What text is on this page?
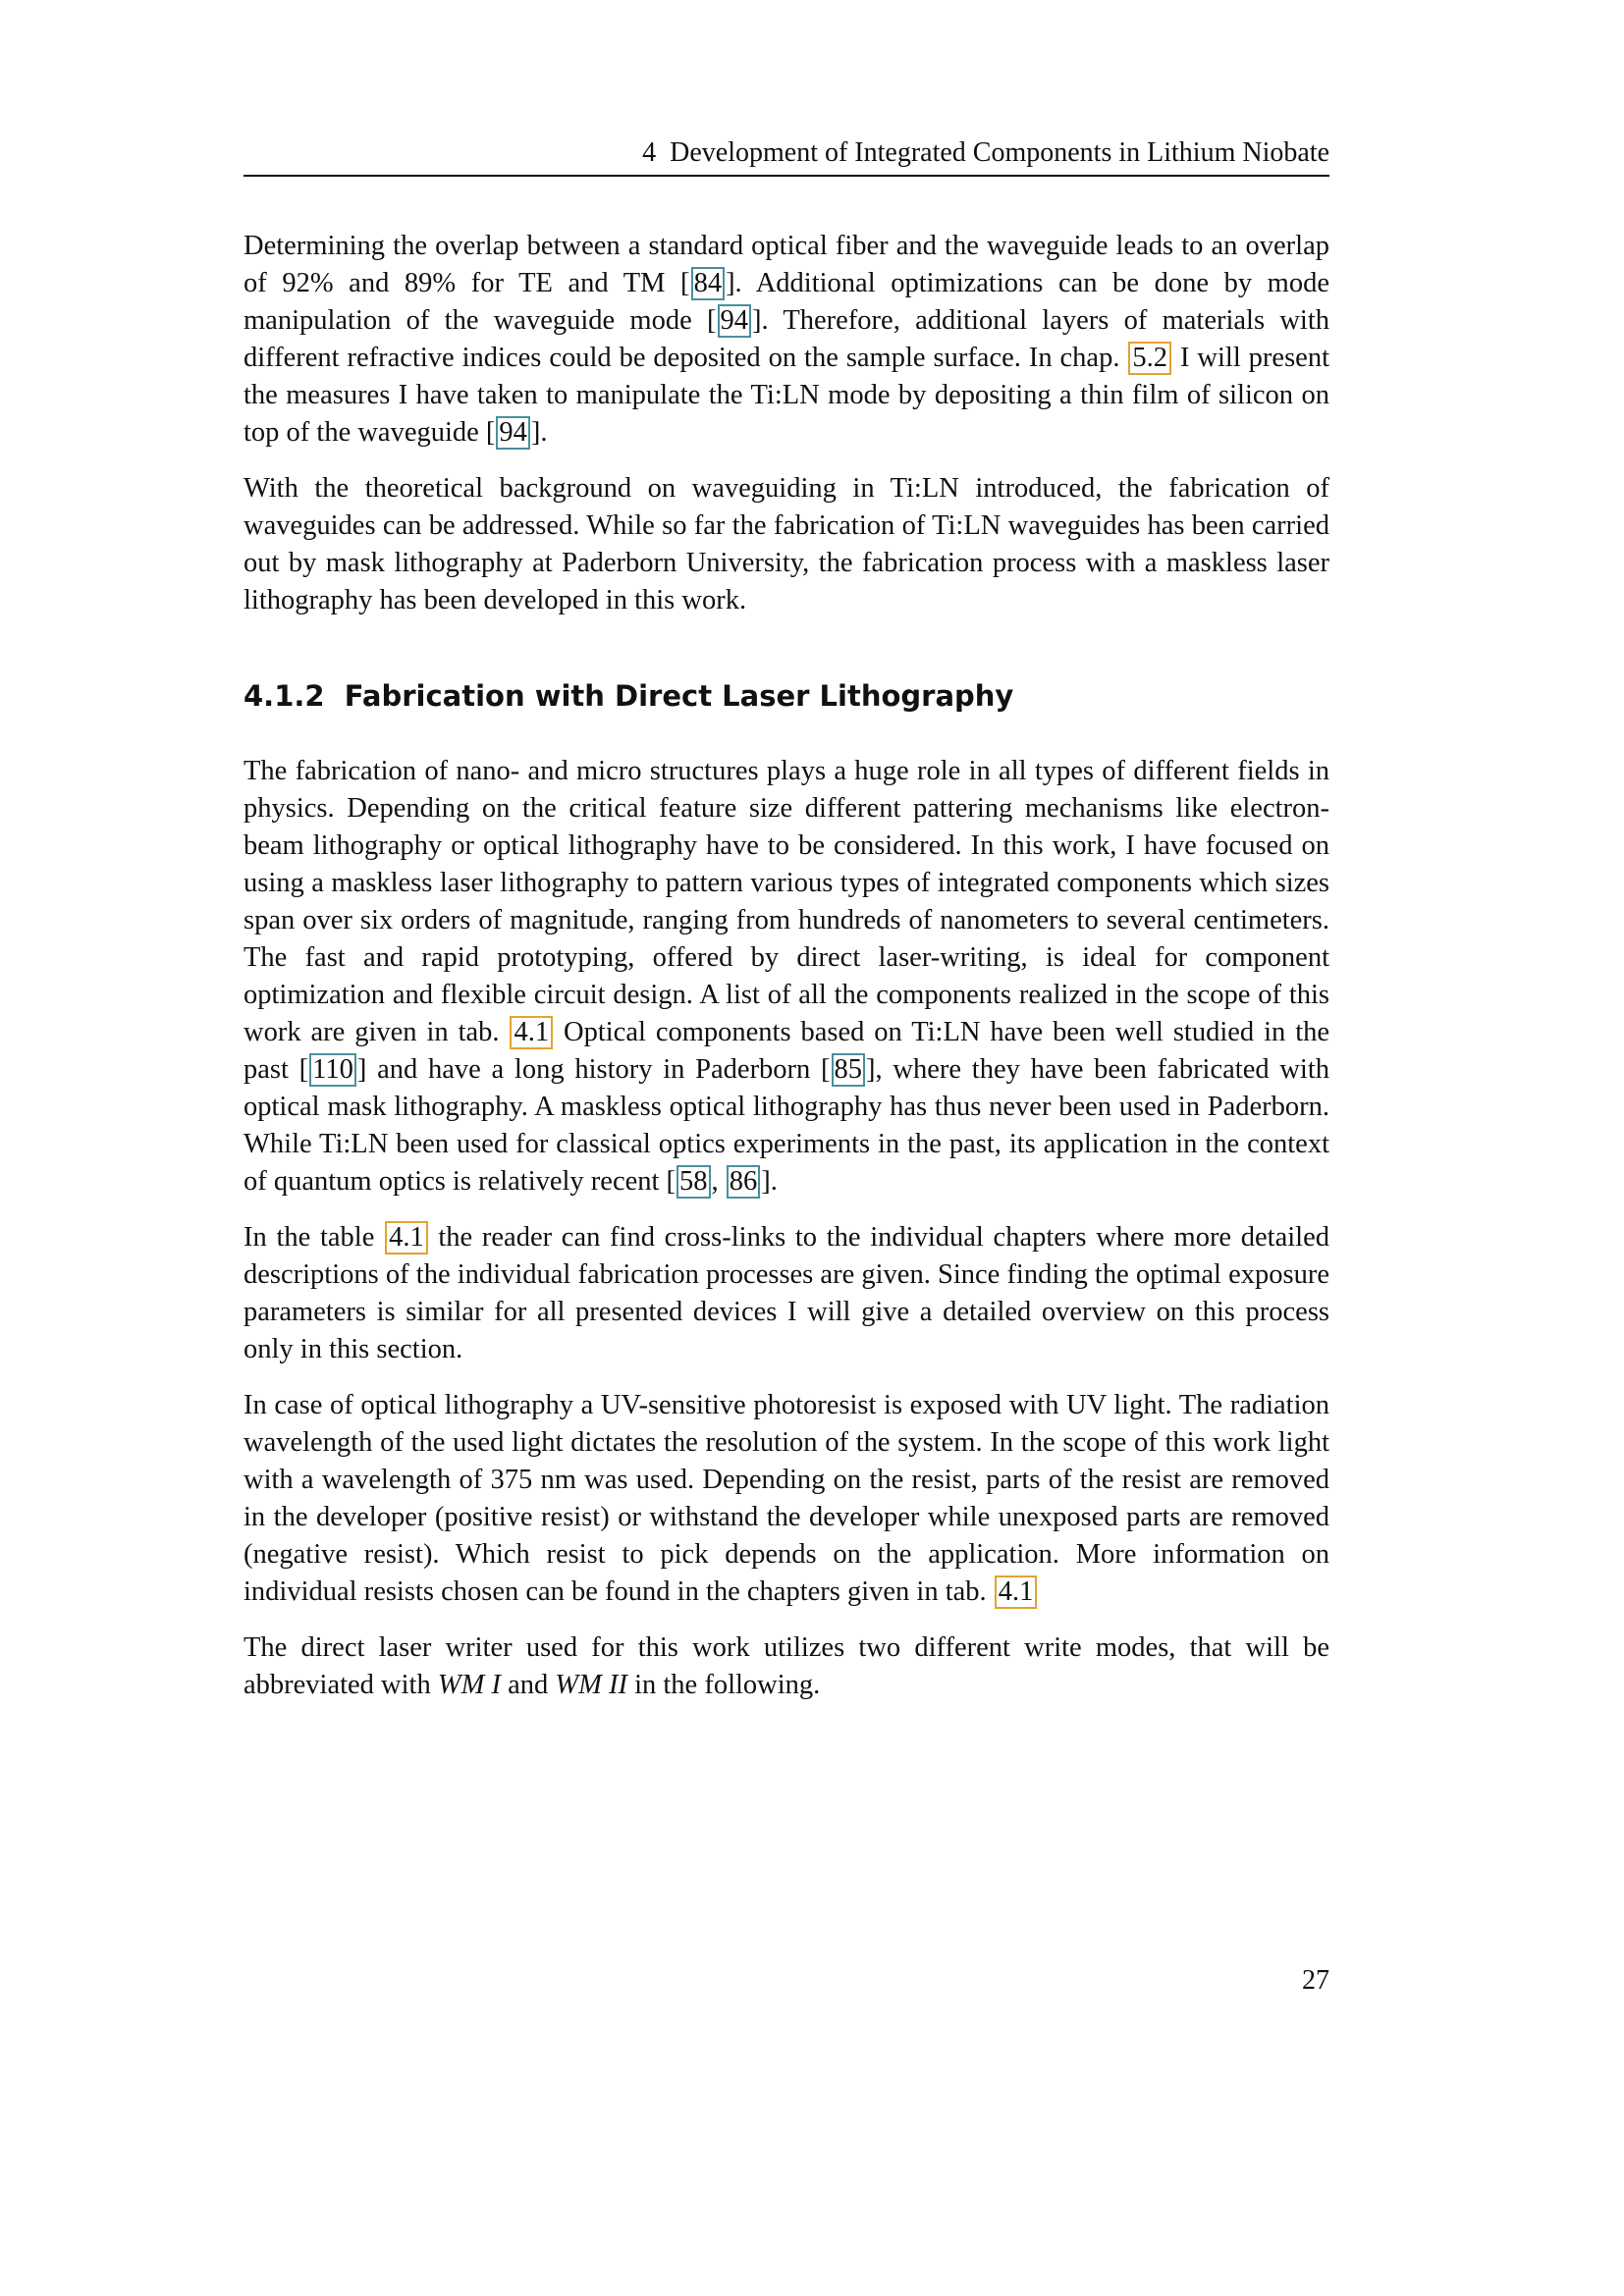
4 Development of Integrated Components in Lithium Niobate

Determining the overlap between a standard optical fiber and the waveguide leads to an overlap of 92% and 89% for TE and TM [ 84 ]. Additional optimizations can be done by mode manipulation of the waveguide mode [ 94 ]. Therefore, additional layers of materials with different refractive indices could be deposited on the sample surface. In chap. 5.2 I will present the measures I have taken to manipulate the Ti:LN mode by depositing a thin film of silicon on top of the waveguide [ 94 ].

With the theoretical background on waveguiding in Ti:LN introduced, the fabrication of waveguides can be addressed. While so far the fabrication of Ti:LN waveguides has been carried out by mask lithography at Paderborn University, the fabrication process with a maskless laser lithography has been developed in this work.

4.1.2 Fabrication with Direct Laser Lithography

The fabrication of nano- and micro structures plays a huge role in all types of different fields in physics. Depending on the critical feature size different pattering mechanisms like electron-beam lithography or optical lithography have to be considered. In this work, I have focused on using a maskless laser lithography to pattern various types of integrated components which sizes span over six orders of magnitude, ranging from hundreds of nanometers to several centimeters. The fast and rapid prototyping, offered by direct laser-writing, is ideal for component optimization and flexible circuit design. A list of all the components realized in the scope of this work are given in tab. 4.1 Optical components based on Ti:LN have been well studied in the past [ 110 ] and have a long history in Paderborn [ 85 ], where they have been fabricated with optical mask lithography. A maskless optical lithography has thus never been used in Paderborn. While Ti:LN been used for classical optics experiments in the past, its application in the context of quantum optics is relatively recent [ 58 , 86 ].

In the table 4.1 the reader can find cross-links to the individual chapters where more detailed descriptions of the individual fabrication processes are given. Since finding the optimal exposure parameters is similar for all presented devices I will give a detailed overview on this process only in this section.

In case of optical lithography a UV-sensitive photoresist is exposed with UV light. The radiation wavelength of the used light dictates the resolution of the system. In the scope of this work light with a wavelength of 375 nm was used. Depending on the resist, parts of the resist are removed in the developer (positive resist) or withstand the developer while unexposed parts are removed (negative resist). Which resist to pick depends on the application. More information on individual resists chosen can be found in the chapters given in tab. 4.1

The direct laser writer used for this work utilizes two different write modes, that will be abbreviated with WM I and WM II in the following.

27
